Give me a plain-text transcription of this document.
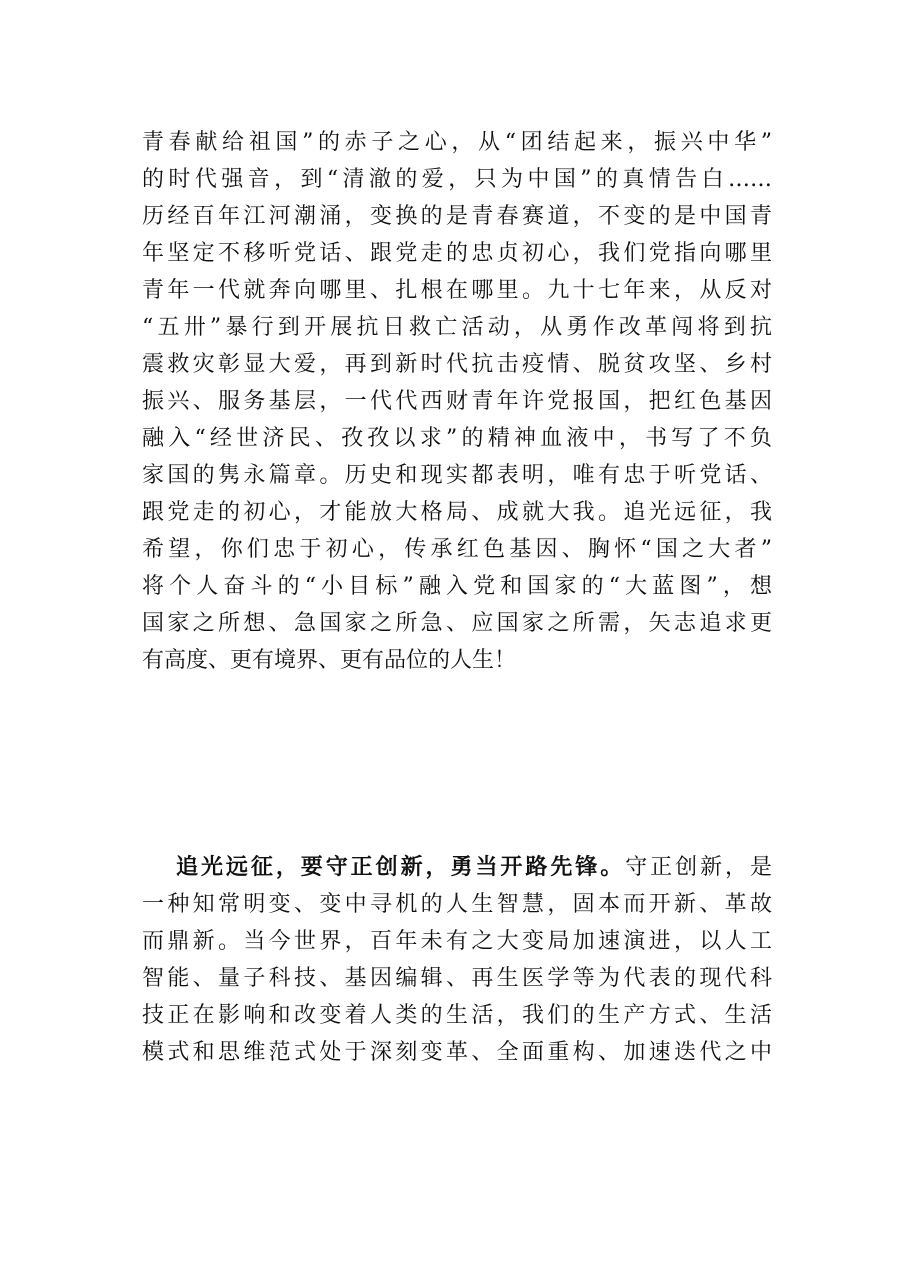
青春献给祖国”的赤子之心，从“团结起来，振兴中华”
的时代强音，到“清澈的爱，只为中国”的真情告白……
历经百年江河潮涌，变换的是青春赛道，不变的是中国青
年坚定不移听党话、跟党走的忠贞初心，我们党指向哪里
青年一代就奔向哪里、扎根在哪里。九十七年来，从反对
“五卅”暴行到开展抗日救亡活动，从勇作改革闯将到抗
震救灾彰显大爱，再到新时代抗击疫情、脱贫攻坚、乡村
振兴、服务基层，一代代西财青年许党报国，把红色基因
融入“经世济民、孜孜以求”的精神血液中，书写了不负
家国的隽永篇章。历史和现实都表明，唯有忠于听党话、
跟党走的初心，才能放大格局、成就大我。追光远征，我
希望，你们忠于初心，传承红色基因、胸怀“国之大者”
将个人奋斗的“小目标”融入党和国家的“大蓝图”，想
国家之所想、急国家之所急、应国家之所需，矢志追求更
有高度、更有境界、更有品位的人生！
追光远征，要守正创新，勇当开路先锋。守正创新，是
一种知常明变、变中寻机的人生智慧，固本而开新、革故
而鼎新。当今世界，百年未有之大变局加速演进，以人工
智能、量子科技、基因编辑、再生医学等为代表的现代科
技正在影响和改变着人类的生活，我们的生产方式、生活
模式和思维范式处于深刻变革、全面重构、加速迭代之中
